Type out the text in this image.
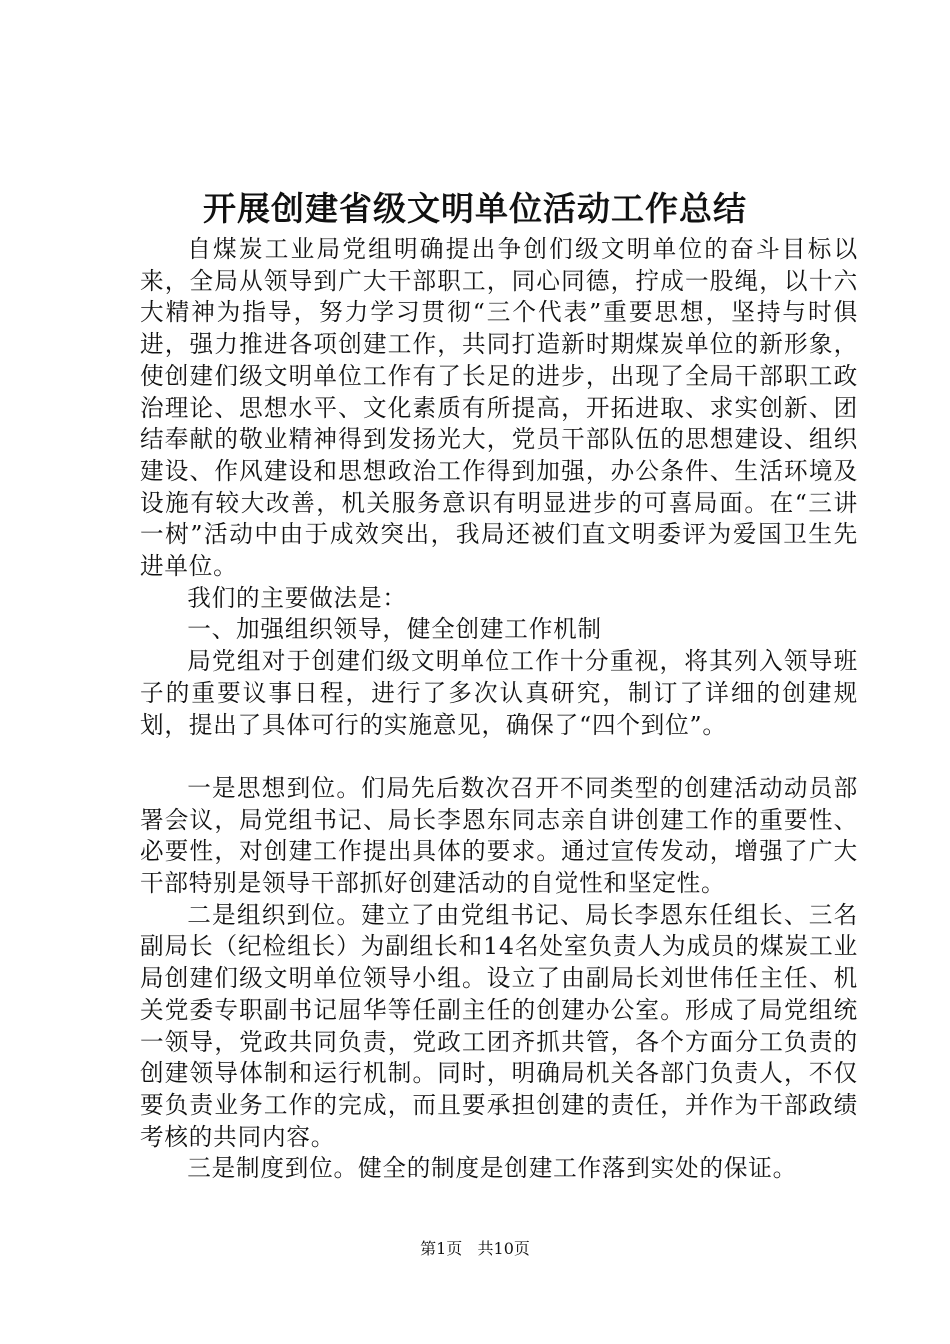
开展创建省级文明单位活动工作总结

自煤炭工业局党组明确提出争创们级文明单位的奋斗目标以来，全局从领导到广大干部职工，同心同德，拧成一股绳，以十六大精神为指导，努力学习贯彻“三个代表”重要思想，坚持与时俱进，强力推进各项创建工作，共同打造新时期煤炭单位的新形象，使创建们级文明单位工作有了长足的进步，出现了全局干部职工政治理论、思想水平、文化素质有所提高，开拓进取、求实创新、团结奉献的敬业精神得到发扬光大，党员干部队伍的思想建设、组织建设、作风建设和思想政治工作得到加强，办公条件、生活环境及设施有较大改善，机关服务意识有明显进步的可喜局面。在“三讲一树”活动中由于成效突出，我局还被们直文明委评为爱国卫生先进单位。

我们的主要做法是：

一、加强组织领导，健全创建工作机制

局党组对于创建们级文明单位工作十分重视，将其列入领导班子的重要议事日程，进行了多次认真研究，制订了详细的创建规划，提出了具体可行的实施意见，确保了“四个到位”。

一是思想到位。们局先后数次召开不同类型的创建活动动员部署会议，局党组书记、局长李恩东同志亲自讲创建工作的重要性、必要性，对创建工作提出具体的要求。通过宣传发动，增强了广大干部特别是领导干部抓好创建活动的自觉性和坚定性。

二是组织到位。建立了由党组书记、局长李恩东任组长、三名副局长（纪检组长）为副组长和14名处室负责人为成员的煤炭工业局创建们级文明单位领导小组。设立了由副局长刘世伟任主任、机关党委专职副书记屈华等任副主任的创建办公室。形成了局党组统一领导，党政共同负责，党政工团齐抓共管，各个方面分工负责的创建领导体制和运行机制。同时，明确局机关各部门负责人，不仅要负责业务工作的完成，而且要承担创建的责任，并作为干部政绩考核的共同内容。

三是制度到位。健全的制度是创建工作落到实处的保证。

第1页 共10页
